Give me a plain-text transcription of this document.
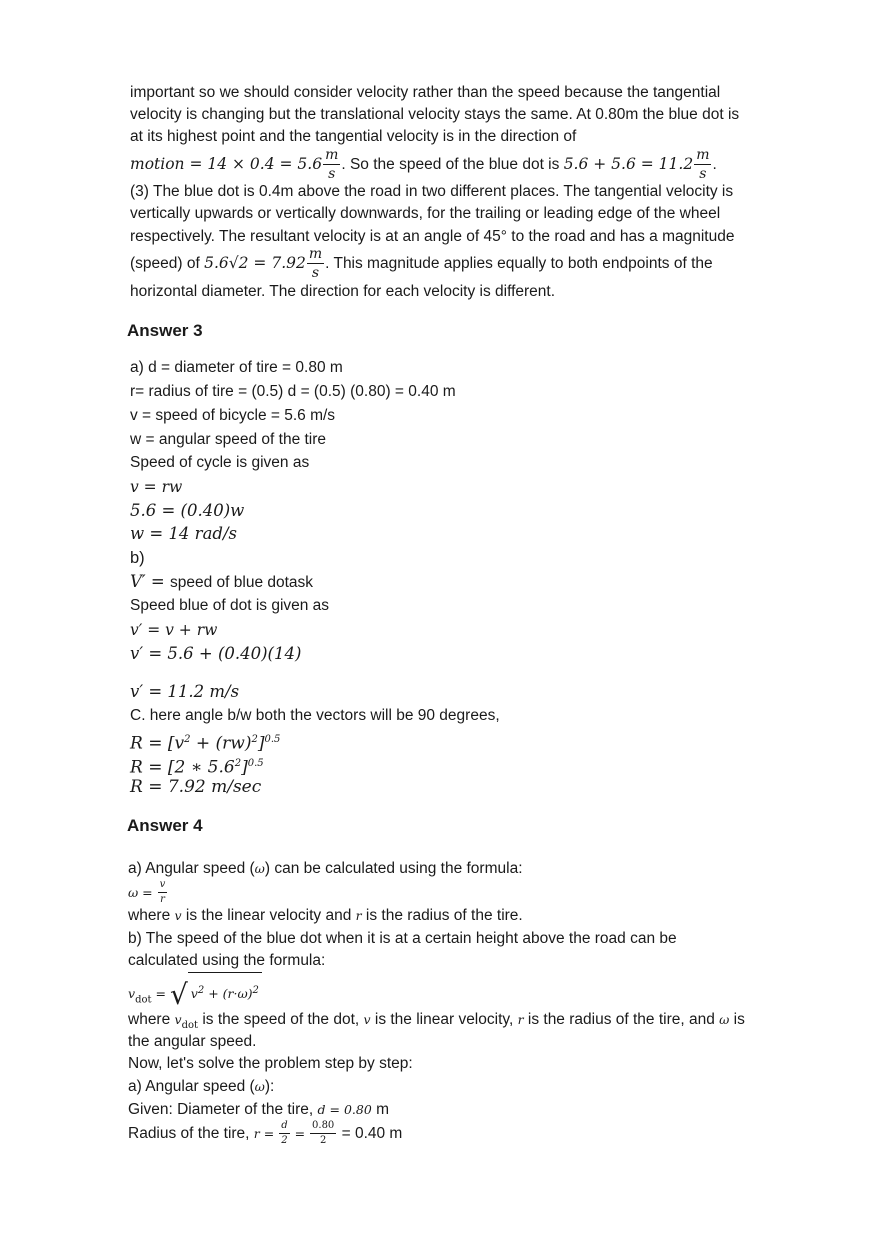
important so we should consider velocity rather than the speed because the tangential
velocity is changing but the translational velocity stays the same. At 0.80m the blue dot is
at its highest point and the tangential velocity is in the direction of
motion = $14 \times 0.4 = 5.6 \frac{m}{s}$ . So the speed of the blue dot is $5.6 + 5.6 = 11.2 \frac{m}{s}$ .
(3) The blue dot is 0.4m above the road in two different places. The tangential velocity is
vertically upwards or vertically downwards, for the trailing or leading edge of the wheel
respectively. The resultant velocity is at an angle of 45° to the road and has a magnitude
(speed) of $5.6√2 = 7.92 \frac{m}{s}$ . This magnitude applies equally to both endpoints of the
horizontal diameter. The direction for each velocity is different.
Answer 3
a) d = diameter of tire = 0.80 m
r= radius of tire = (0.5) d = (0.5) (0.80) = 0.40 m
v = speed of bicycle = 5.6 m/s
w = angular speed of the tire
Speed of cycle is given as
v = rw
5.6 = (0.40)w
w = 14 rad/s
b)
V′ = speed of blue dotask
Speed blue of dot is given as
v′ = v + rw
v′ = 5.6 + (0.40)(14)
v′ = 11.2 m/s
C. here angle b/w both the vectors will be 90 degrees,
$R = [v^2 + (rw)^2]^{0.5}$
R = [2 ∗ $5.6^2]^{0.5}$
R = 7.92 m/sec
Answer 4
a) Angular speed (ω) can be calculated using the formula:
$\omega = \frac{v}{r}$
where v is the linear velocity and r is the radius of the tire.
b) The speed of the blue dot when it is at a certain height above the road can be
calculated using the formula:
$v_{dot}$ = √ $v^2 + (r\cdot\omega)^2$
where $v_{dot}$ is the speed of the dot, v is the linear velocity, r is the radius of the tire, and ω is
the angular speed.
Now, let's solve the problem step by step:
a) Angular speed (ω):
Given: Diameter of the tire, d = 0.80 m
Radius of the tire, $r = \frac{d}{2} = \frac{0.80}{2} = 0.40$ m
